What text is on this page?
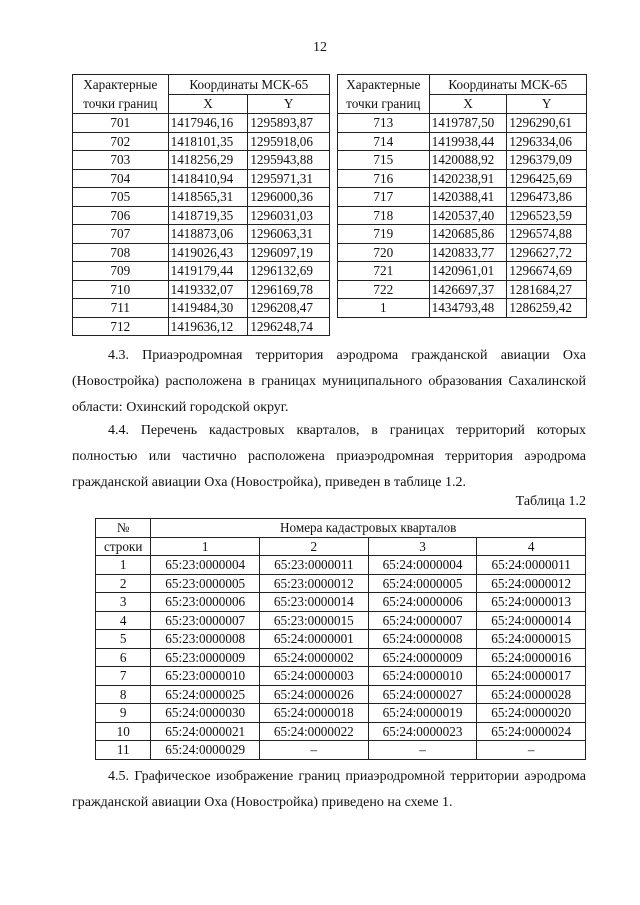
12
Характерные точки границ	Координаты МСК-65	
	X	Y
701	1417946,16	1295893,87
702	1418101,35	1295918,06
703	1418256,29	1295943,88
704	1418410,94	1295971,31
705	1418565,31	1296000,36
706	1418719,35	1296031,03
707	1418873,06	1296063,31
708	1419026,43	1296097,19
709	1419179,44	1296132,69
710	1419332,07	1296169,78
711	1419484,30	1296208,47
712	1419636,12	1296248,74
Характерные точки границ	Координаты МСК-65	
	X	Y
713	1419787,50	1296290,61
714	1419938,44	1296334,06
715	1420088,92	1296379,09
716	1420238,91	1296425,69
717	1420388,41	1296473,86
718	1420537,40	1296523,59
719	1420685,86	1296574,88
720	1420833,77	1296627,72
721	1420961,01	1296674,69
722	1426697,37	1281684,27
1	1434793,48	1286259,42

4.3. Приаэродромная территория аэродрома гражданской авиации Оха (Новостройка) расположена в границах муниципального образования Сахалинской области: Охинский городской округ.

4.4. Перечень кадастровых кварталов, в границах территорий которых полностью или частично расположена приаэродромная территория аэродрома гражданской авиации Оха (Новостройка), приведен в таблице 1.2.

Таблица 1.2
№	Номера кадастровых кварталов			
строки	1	2	3	4
1	65:23:0000004	65:23:0000011	65:24:0000004	65:24:0000011
2	65:23:0000005	65:23:0000012	65:24:0000005	65:24:0000012
3	65:23:0000006	65:23:0000014	65:24:0000006	65:24:0000013
4	65:23:0000007	65:23:0000015	65:24:0000007	65:24:0000014
5	65:23:0000008	65:24:0000001	65:24:0000008	65:24:0000015
6	65:23:0000009	65:24:0000002	65:24:0000009	65:24:0000016
7	65:23:0000010	65:24:0000003	65:24:0000010	65:24:0000017
8	65:24:0000025	65:24:0000026	65:24:0000027	65:24:0000028
9	65:24:0000030	65:24:0000018	65:24:0000019	65:24:0000020
10	65:24:0000021	65:24:0000022	65:24:0000023	65:24:0000024
11	65:24:0000029	–	–	–

4.5. Графическое изображение границ приаэродромной территории аэродрома гражданской авиации Оха (Новостройка) приведено на схеме 1.
